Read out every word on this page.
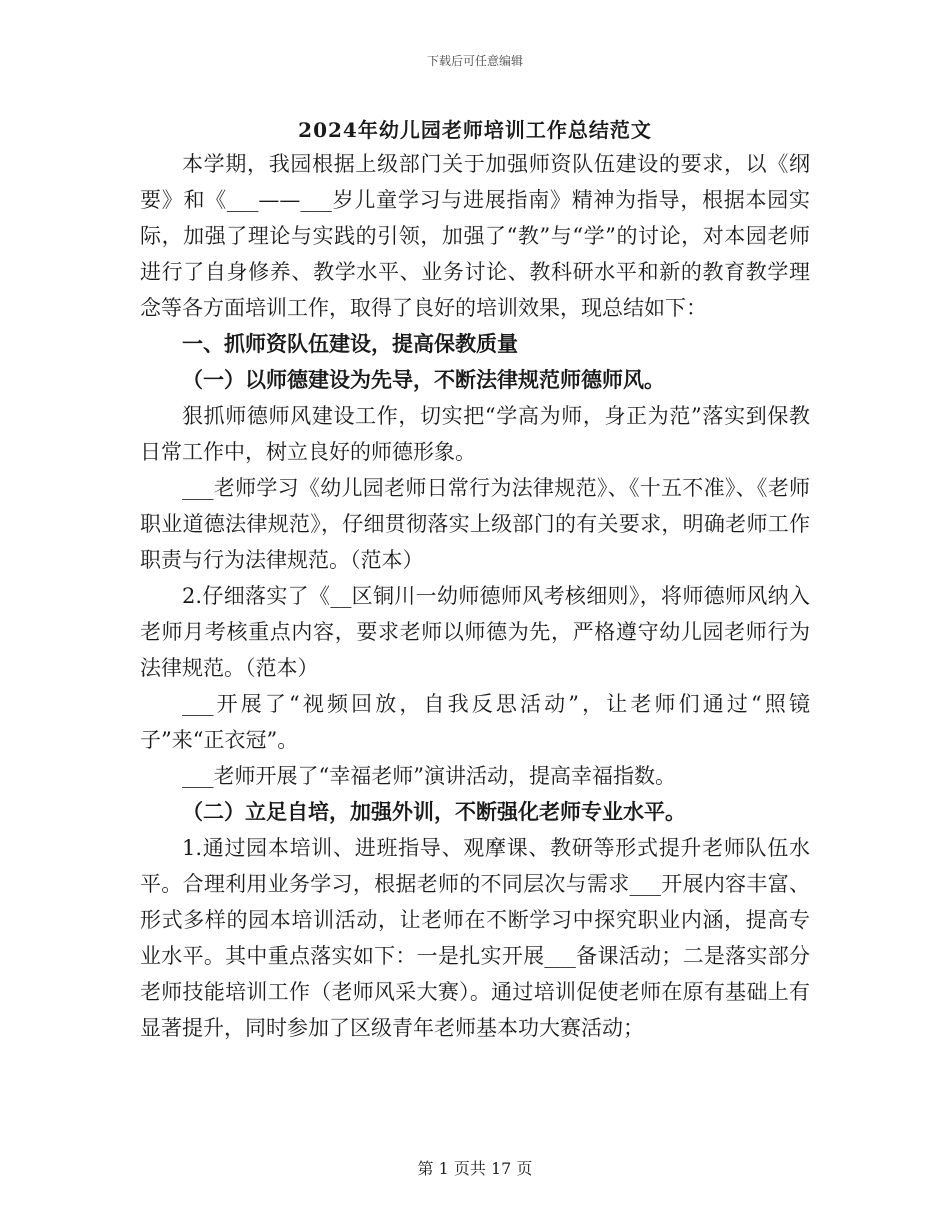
下载后可任意编辑
2024年幼儿园老师培训工作总结范文

本学期，我园根据上级部门关于加强师资队伍建设的要求，以《纲要》和《___——___岁儿童学习与进展指南》精神为指导，根据本园实际，加强了理论与实践的引领，加强了“教”与“学”的讨论，对本园老师进行了自身修养、教学水平、业务讨论、教科研水平和新的教育教学理念等各方面培训工作，取得了良好的培训效果，现总结如下：

一、抓师资队伍建设，提高保教质量

（一）以师德建设为先导，不断法律规范师德师风。

狠抓师德师风建设工作，切实把“学高为师，身正为范”落实到保教日常工作中，树立良好的师德形象。

___老师学习《幼儿园老师日常行为法律规范》、《十五不准》、《老师职业道德法律规范》，仔细贯彻落实上级部门的有关要求，明确老师工作职责与行为法律规范。（范本）

2.仔细落实了《__区铜川一幼师德师风考核细则》，将师德师风纳入老师月考核重点内容，要求老师以师德为先，严格遵守幼儿园老师行为法律规范。（范本）

___开展了“视频回放，自我反思活动”，让老师们通过“照镜子”来“正衣冠”。

___老师开展了“幸福老师”演讲活动，提高幸福指数。

（二）立足自培，加强外训，不断强化老师专业水平。

1.通过园本培训、进班指导、观摩课、教研等形式提升老师队伍水平。合理利用业务学习，根据老师的不同层次与需求___开展内容丰富、形式多样的园本培训活动，让老师在不断学习中探究职业内涵，提高专业水平。其中重点落实如下：一是扎实开展___备课活动；二是落实部分老师技能培训工作（老师风采大赛）。通过培训促使老师在原有基础上有显著提升，同时参加了区级青年老师基本功大赛活动；

第 1 页共 17 页
